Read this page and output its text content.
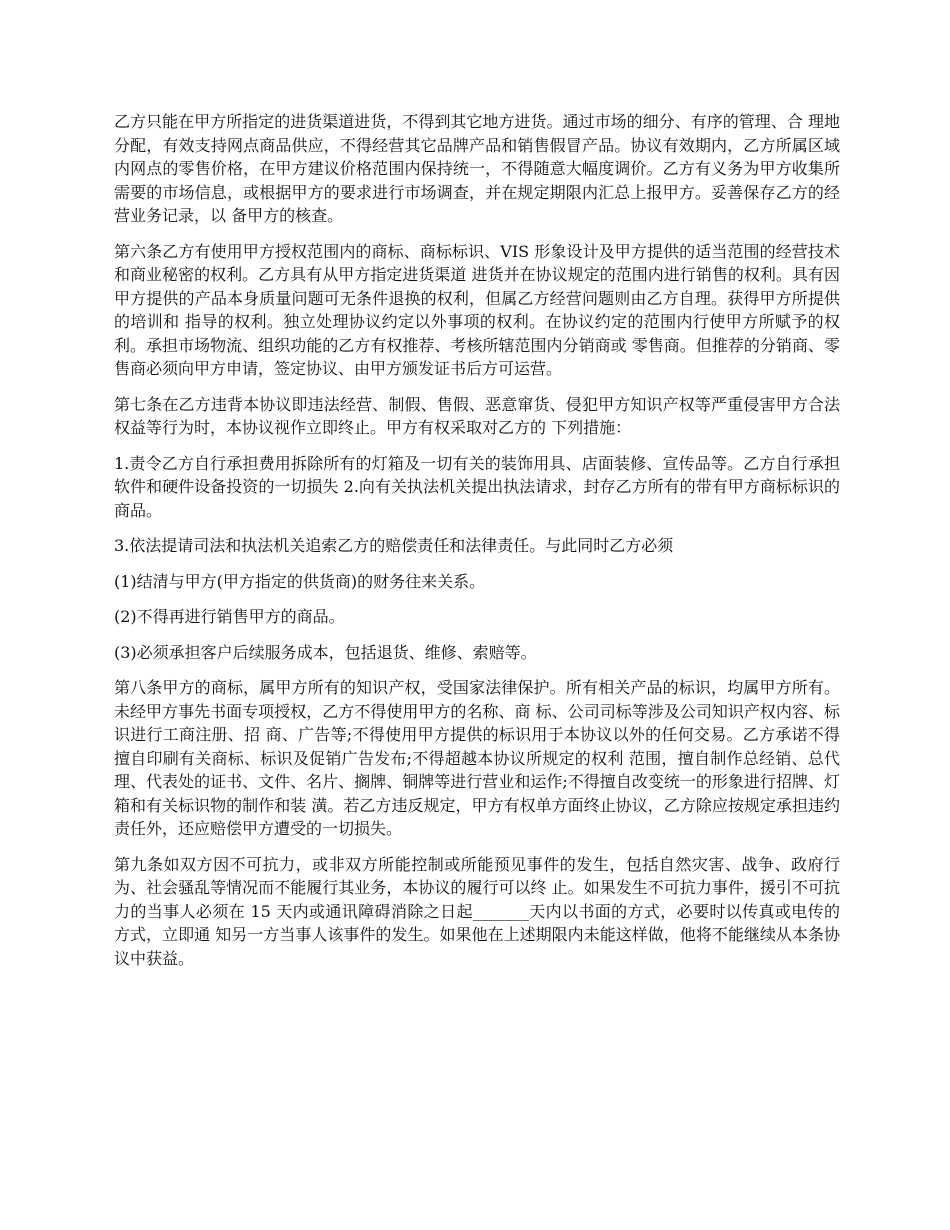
乙方只能在甲方所指定的进货渠道进货，不得到其它地方进货。通过市场的细分、有序的管理、合 理地分配，有效支持网点商品供应，不得经营其它品牌产品和销售假冒产品。协议有效期内，乙方所属区域内网点的零售价格，在甲方建议价格范围内保持统一，不得随意大幅度调价。乙方有义务为甲方收集所需要的市场信息，或根据甲方的要求进行市场调查，并在规定期限内汇总上报甲方。妥善保存乙方的经营业务记录，以 备甲方的核查。

第六条乙方有使用甲方授权范围内的商标、商标标识、VIS 形象设计及甲方提供的适当范围的经营技术和商业秘密的权利。乙方具有从甲方指定进货渠道 进货并在协议规定的范围内进行销售的权利。具有因甲方提供的产品本身质量问题可无条件退换的权利，但属乙方经营问题则由乙方自理。获得甲方所提供的培训和 指导的权利。独立处理协议约定以外事项的权利。在协议约定的范围内行使甲方所赋予的权利。承担市场物流、组织功能的乙方有权推荐、考核所辖范围内分销商或 零售商。但推荐的分销商、零售商必须向甲方申请，签定协议、由甲方颁发证书后方可运营。

第七条在乙方违背本协议即违法经营、制假、售假、恶意窜货、侵犯甲方知识产权等严重侵害甲方合法权益等行为时，本协议视作立即终止。甲方有权采取对乙方的 下列措施：

1.责令乙方自行承担费用拆除所有的灯箱及一切有关的装饰用具、店面装修、宣传品等。乙方自行承担软件和硬件设备投资的一切损失 2.向有关执法机关提出执法请求，封存乙方所有的带有甲方商标标识的商品。

3.依法提请司法和执法机关追索乙方的赔偿责任和法律责任。与此同时乙方必须

(1)结清与甲方(甲方指定的供货商)的财务往来关系。

(2)不得再进行销售甲方的商品。

(3)必须承担客户后续服务成本，包括退货、维修、索赔等。

第八条甲方的商标，属甲方所有的知识产权，受国家法律保护。所有相关产品的标识，均属甲方所有。未经甲方事先书面专项授权，乙方不得使用甲方的名称、商 标、公司司标等涉及公司知识产权内容、标识进行工商注册、招 商、广告等;不得使用甲方提供的标识用于本协议以外的任何交易。乙方承诺不得擅自印刷有关商标、标识及促销广告发布;不得超越本协议所规定的权利 范围，擅自制作总经销、总代理、代表处的证书、文件、名片、搁牌、铜牌等进行营业和运作;不得擅自改变统一的形象进行招牌、灯箱和有关标识物的制作和装 潢。若乙方违反规定，甲方有权单方面终止协议，乙方除应按规定承担违约责任外，还应赔偿甲方遭受的一切损失。

第九条如双方因不可抗力，或非双方所能控制或所能预见事件的发生，包括自然灾害、战争、政府行为、社会骚乱等情况而不能履行其业务，本协议的履行可以终 止。如果发生不可抗力事件，援引不可抗力的当事人必须在 15 天内或通讯障碍消除之日起_______天内以书面的方式，必要时以传真或电传的方式，立即通 知另一方当事人该事件的发生。如果他在上述期限内未能这样做，他将不能继续从本条协议中获益。
